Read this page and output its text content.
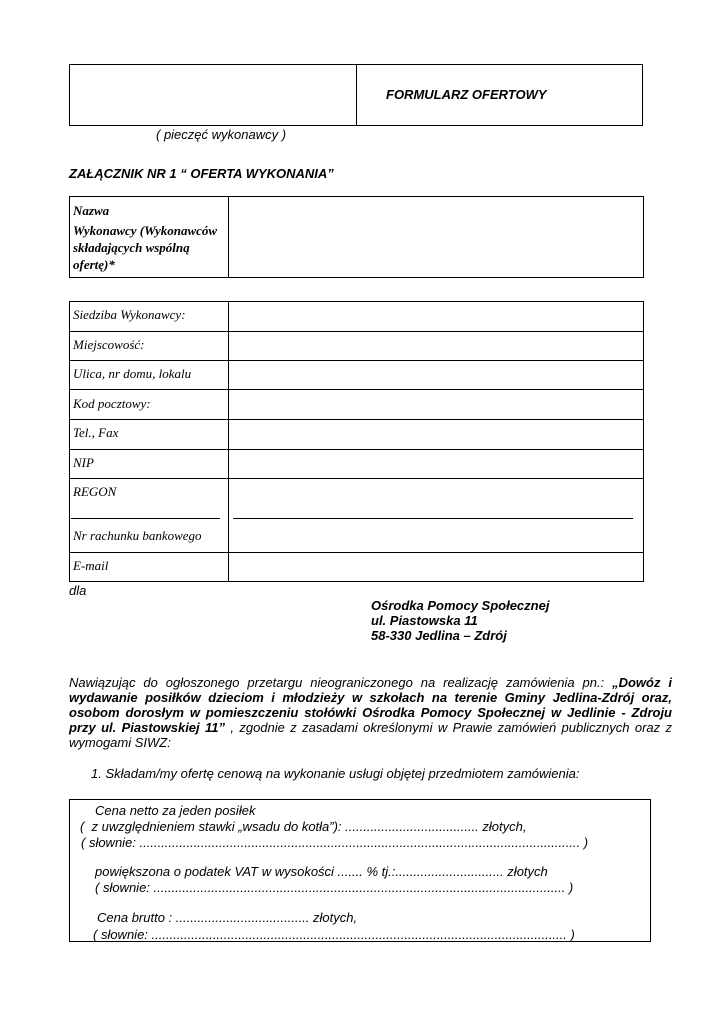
FORMULARZ OFERTOWY
( pieczęć wykonawcy )
ZAŁĄCZNIK NR 1 “ OFERTA WYKONANIA”
Nazwa
Wykonawcy (Wykonawców składających wspólną ofertę)*
Siedziba Wykonawcy:
Miejscowość:
Ulica, nr domu, lokalu
Kod pocztowy:
Tel., Fax
NIP
REGON
Nr rachunku bankowego
E-mail
dla
Ośrodka Pomocy Społecznej
ul. Piastowska 11
58-330 Jedlina – Zdrój
Nawiązując do ogłoszonego przetargu nieograniczonego na realizację zamówienia pn.: „Dowóz i wydawanie posiłków dzieciom i młodzieży w szkołach na terenie Gminy Jedlina-Zdrój oraz, osobom dorosłym w pomieszczeniu stołówki Ośrodka Pomocy Społecznej w Jedlinie - Zdroju przy ul. Piastowskiej 11” , zgodnie z zasadami określonymi w Prawie zamówień publicznych oraz z wymogami SIWZ:
1. Składam/my ofertę cenową na wykonanie usługi objętej przedmiotem zamówienia:
Cena netto za jeden posiłek
(  z uwzględnieniem stawki „wsadu do kotła”): ..................................... złotych,
( słownie: .......................................................................................................................... )
powiększona o podatek VAT w wysokości ....... % tj.:.............................. złotych
( słownie: .................................................................................................................. )
Cena brutto : ..................................... złotych,
( słownie: ................................................................................................................... )
